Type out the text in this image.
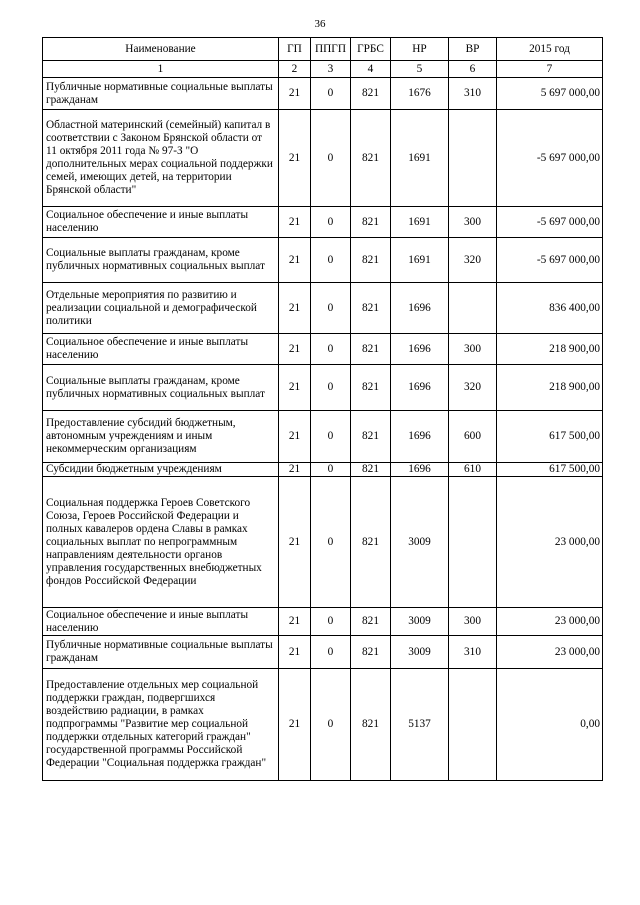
36
Наименование	ГП	ППГП	ГРБС	НР	ВР	2015 год
1	2	3	4	5	6	7
Публичные нормативные социальные выплаты гражданам	21	0	821	1676	310	5 697 000,00
Областной материнский (семейный) капитал в соответствии с Законом Брянской области от 11 октября 2011 года № 97-З "О дополнительных мерах социальной поддержки семей, имеющих детей, на территории Брянской области"	21	0	821	1691		-5 697 000,00
Социальное обеспечение и иные выплаты населению	21	0	821	1691	300	-5 697 000,00
Социальные выплаты гражданам, кроме публичных нормативных социальных выплат	21	0	821	1691	320	-5 697 000,00
Отдельные мероприятия по развитию и реализации социальной и демографической политики	21	0	821	1696		836 400,00
Социальное обеспечение и иные выплаты населению	21	0	821	1696	300	218 900,00
Социальные выплаты гражданам, кроме публичных нормативных социальных выплат	21	0	821	1696	320	218 900,00
Предоставление субсидий бюджетным, автономным учреждениям и иным некоммерческим организациям	21	0	821	1696	600	617 500,00
Субсидии бюджетным учреждениям	21	0	821	1696	610	617 500,00
Социальная поддержка Героев Советского Союза, Героев Российской Федерации и полных кавалеров ордена Славы в рамках социальных выплат по непрограммным направлениям деятельности органов управления государственных внебюджетных фондов Российской Федерации	21	0	821	3009		23 000,00
Социальное обеспечение и иные выплаты населению	21	0	821	3009	300	23 000,00
Публичные нормативные социальные выплаты гражданам	21	0	821	3009	310	23 000,00
Предоставление отдельных мер социальной поддержки граждан, подвергшихся воздействию радиации, в рамках подпрограммы "Развитие мер социальной поддержки отдельных категорий граждан" государственной программы Российской Федерации "Социальная поддержка граждан"	21	0	821	5137		0,00
